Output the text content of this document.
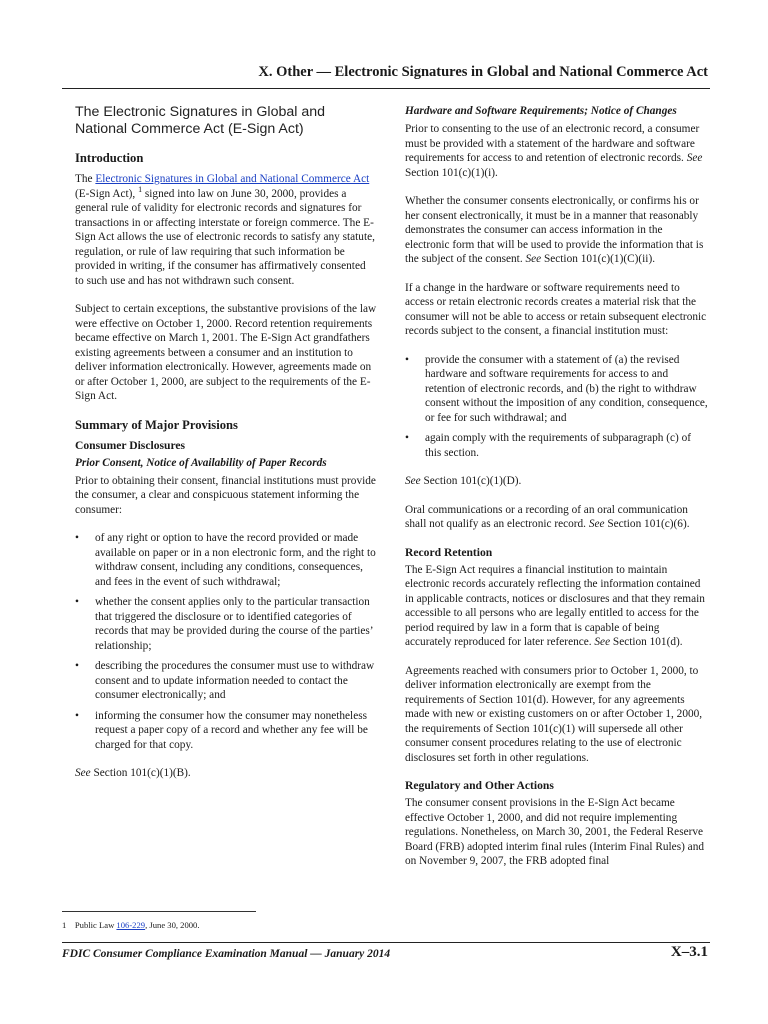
X. Other — Electronic Signatures in Global and National Commerce Act
The Electronic Signatures in Global and National Commerce Act (E-Sign Act)
Introduction

The Electronic Signatures in Global and National Commerce Act (E-Sign Act), $^1$ signed into law on June 30, 2000, provides a general rule of validity for electronic records and signatures for transactions in or affecting interstate or foreign commerce. The E-Sign Act allows the use of electronic records to satisfy any statute, regulation, or rule of law requiring that such information be provided in writing, if the consumer has affirmatively consented to such use and has not withdrawn such consent.

Subject to certain exceptions, the substantive provisions of the law were effective on October 1, 2000. Record retention requirements became effective on March 1, 2001. The E-Sign Act grandfathers existing agreements between a consumer and an institution to deliver information electronically. However, agreements made on or after October 1, 2000, are subject to the requirements of the E-Sign Act.

Summary of Major Provisions
Consumer Disclosures
Prior Consent, Notice of Availability of Paper Records

Prior to obtaining their consent, financial institutions must provide the consumer, a clear and conspicuous statement informing the consumer:

• of any right or option to have the record provided or made available on paper or in a non electronic form, and the right to withdraw consent, including any conditions, consequences, and fees in the event of such withdrawal;
• whether the consent applies only to the particular transaction that triggered the disclosure or to identified categories of records that may be provided during the course of the parties’ relationship;
• describing the procedures the consumer must use to withdraw consent and to update information needed to contact the consumer electronically; and
• informing the consumer how the consumer may nonetheless request a paper copy of a record and whether any fee will be charged for that copy.

See Section 101(c)(1)(B).

Hardware and Software Requirements; Notice of Changes

Prior to consenting to the use of an electronic record, a consumer must be provided with a statement of the hardware and software requirements for access to and retention of electronic records. See Section 101(c)(1)(i).

Whether the consumer consents electronically, or confirms his or her consent electronically, it must be in a manner that reasonably demonstrates the consumer can access information in the electronic form that will be used to provide the information that is the subject of the consent. See Section 101(c)(1)(C)(ii).

If a change in the hardware or software requirements need to access or retain electronic records creates a material risk that the consumer will not be able to access or retain subsequent electronic records subject to the consent, a financial institution must:

• provide the consumer with a statement of (a) the revised hardware and software requirements for access to and retention of electronic records, and (b) the right to withdraw consent without the imposition of any condition, consequence, or fee for such withdrawal; and
• again comply with the requirements of subparagraph (c) of this section.

See Section 101(c)(1)(D).

Oral communications or a recording of an oral communication shall not qualify as an electronic record. See Section 101(c)(6).

Record Retention

The E-Sign Act requires a financial institution to maintain electronic records accurately reflecting the information contained in applicable contracts, notices or disclosures and that they remain accessible to all persons who are legally entitled to access for the period required by law in a form that is capable of being accurately reproduced for later reference. See Section 101(d).

Agreements reached with consumers prior to October 1, 2000, to deliver information electronically are exempt from the requirements of Section 101(d). However, for any agreements made with new or existing customers on or after October 1, 2000, the requirements of Section 101(c)(1) will supersede all other consumer consent procedures relating to the use of electronic disclosures set forth in other regulations.

Regulatory and Other Actions

The consumer consent provisions in the E-Sign Act became effective October 1, 2000, and did not require implementing regulations. Nonetheless, on March 30, 2001, the Federal Reserve Board (FRB) adopted interim final rules (Interim Final Rules) and on November 9, 2007, the FRB adopted final

1 Public Law 106-229, June 30, 2000.
FDIC Consumer Compliance Examination Manual — January 2014	X–3.1
